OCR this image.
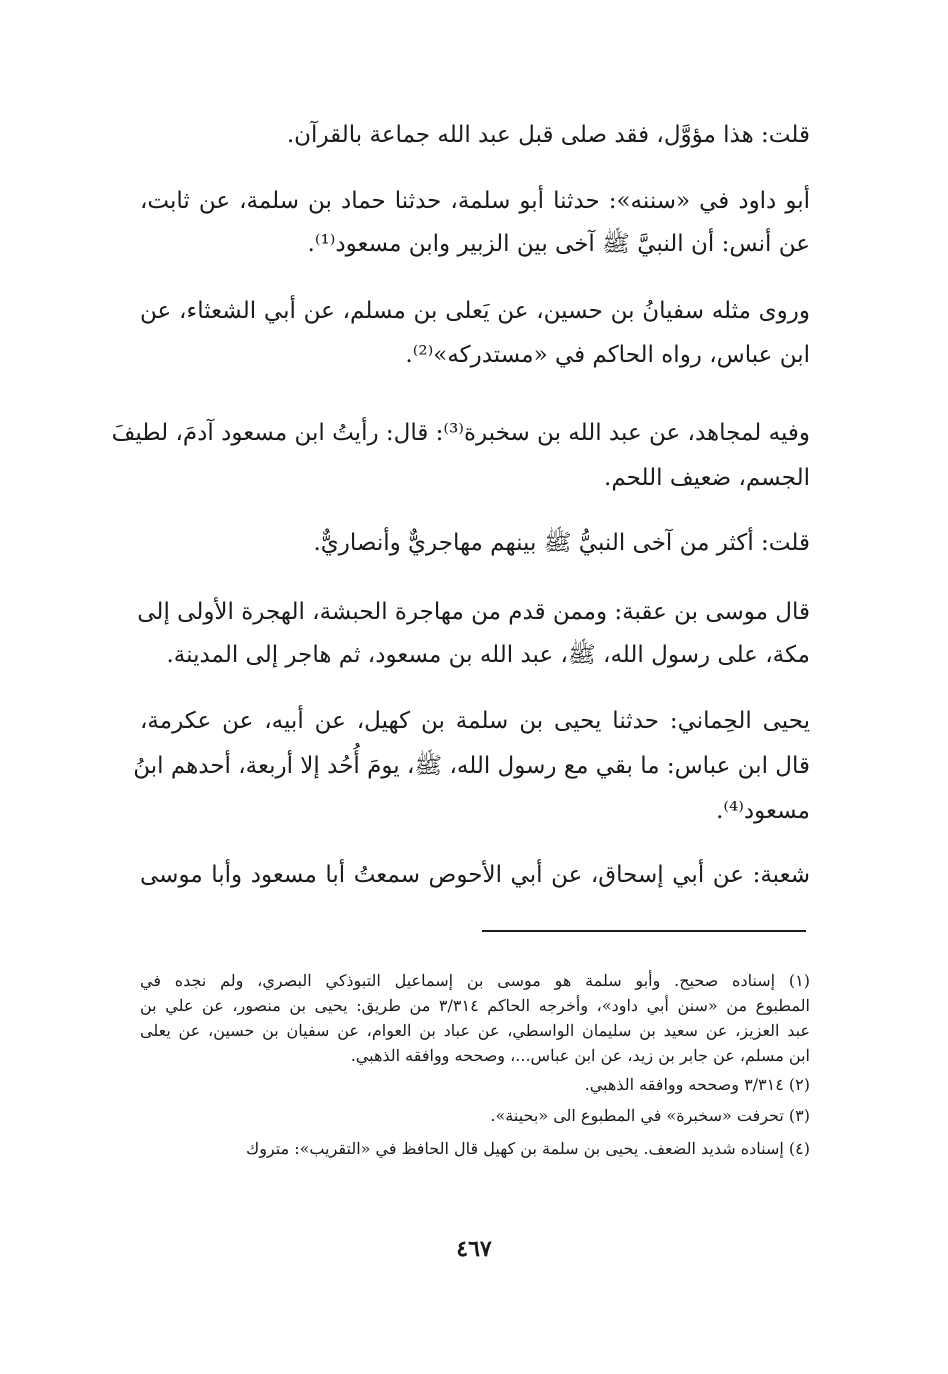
قلت: هذا مؤوَّل، فقد صلى قبل عبد الله جماعة بالقرآن.
أبو داود في «سننه»: حدثنا أبو سلمة، حدثنا حماد بن سلمة، عن ثابت،
عن أنس: أن النبيَّ ﷺ آخى بين الزبير وابن مسعود⁽¹⁾.
وروى مثله سفيانُ بن حسين، عن يَعلى بن مسلم، عن أبي الشعثاء، عن
ابن عباس، رواه الحاكم في «مستدركه»⁽²⁾.
وفيه لمجاهد، عن عبد الله بن سخبرة⁽³⁾: قال: رأيتُ ابن مسعود آدمَ، لطيفَ
الجسم، ضعيف اللحم.
قلت: أكثر من آخى النبيُّ ﷺ بينهم مهاجريٌّ وأنصاريٌّ.
قال موسى بن عقبة: وممن قدم من مهاجرة الحبشة، الهجرة الأولى إلى
مكة، على رسول الله، ﷺ، عبد الله بن مسعود، ثم هاجر إلى المدينة.
يحيى الحِماني: حدثنا يحيى بن سلمة بن كهيل، عن أبيه، عن عكرمة،
قال ابن عباس: ما بقي مع رسول الله، ﷺ، يومَ أُحُد إلا أربعة، أحدهم ابنُ
مسعود⁽⁴⁾.
شعبة: عن أبي إسحاق، عن أبي الأحوص سمعتُ أبا مسعود وأبا موسى
(١) إسناده صحيح. وأبو سلمة هو موسى بن إسماعيل التبوذكي البصري، ولم نجده في
المطبوع من «سنن أبي داود»، وأخرجه الحاكم ٣/٣١٤ من طريق: يحيى بن منصور، عن علي بن
عبد العزيز، عن سعيد بن سليمان الواسطي، عن عباد بن العوام، عن سفيان بن حسين، عن يعلى
ابن مسلم، عن جابر بن زيد، عن ابن عباس...، وصححه ووافقه الذهبي.
(٢) ٣/٣١٤ وصححه ووافقه الذهبي.
(٣) تحرفت «سخبرة» في المطبوع الى «بحينة».
(٤) إسناده شديد الضعف. يحيى بن سلمة بن كهيل قال الحافظ في «التقريب»: متروك
٤٦٧
